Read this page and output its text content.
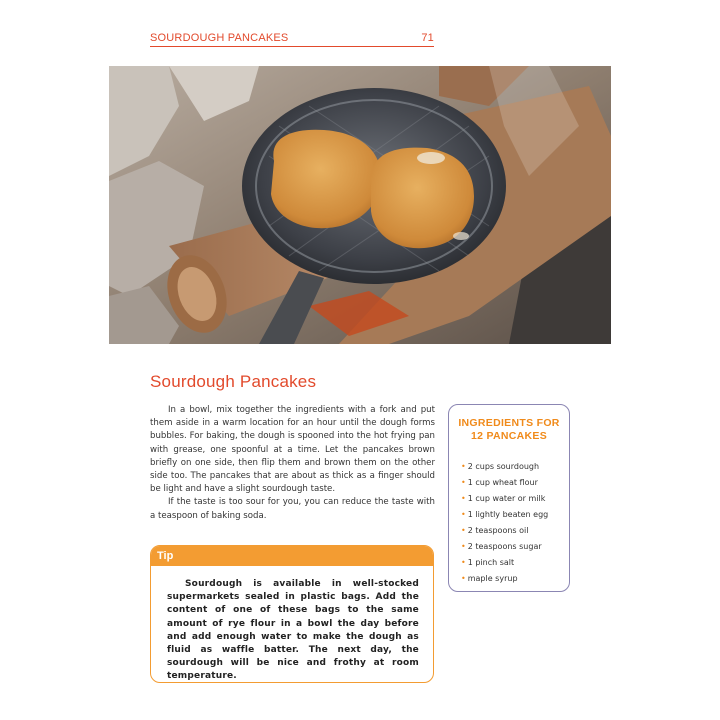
SOURDOUGH PANCAKES	71
Sourdough Pancakes

In a bowl, mix together the ingredients with a fork and put them aside in a warm location for an hour until the dough forms bubbles. For baking, the dough is spooned into the hot frying pan with grease, one spoonful at a time. Let the pancakes brown briefly on one side, then flip them and brown them on the other side too. The pancakes that are about as thick as a finger should be light and have a slight sourdough taste.

If the taste is too sour for you, you can reduce the taste with a teaspoon of baking soda.

INGREDIENTS FOR
12 PANCAKES
• 2 cups sourdough
• 1 cup wheat flour
• 1 cup water or milk
• 1 lightly beaten egg
• 2 teaspoons oil
• 2 teaspoons sugar
• 1 pinch salt
• maple syrup
Tip
Sourdough is available in well-stocked supermarkets sealed in plastic bags. Add the content of one of these bags to the same amount of rye flour in a bowl the day before and add enough water to make the dough as fluid as waffle batter. The next day, the sourdough will be nice and frothy at room temperature.
